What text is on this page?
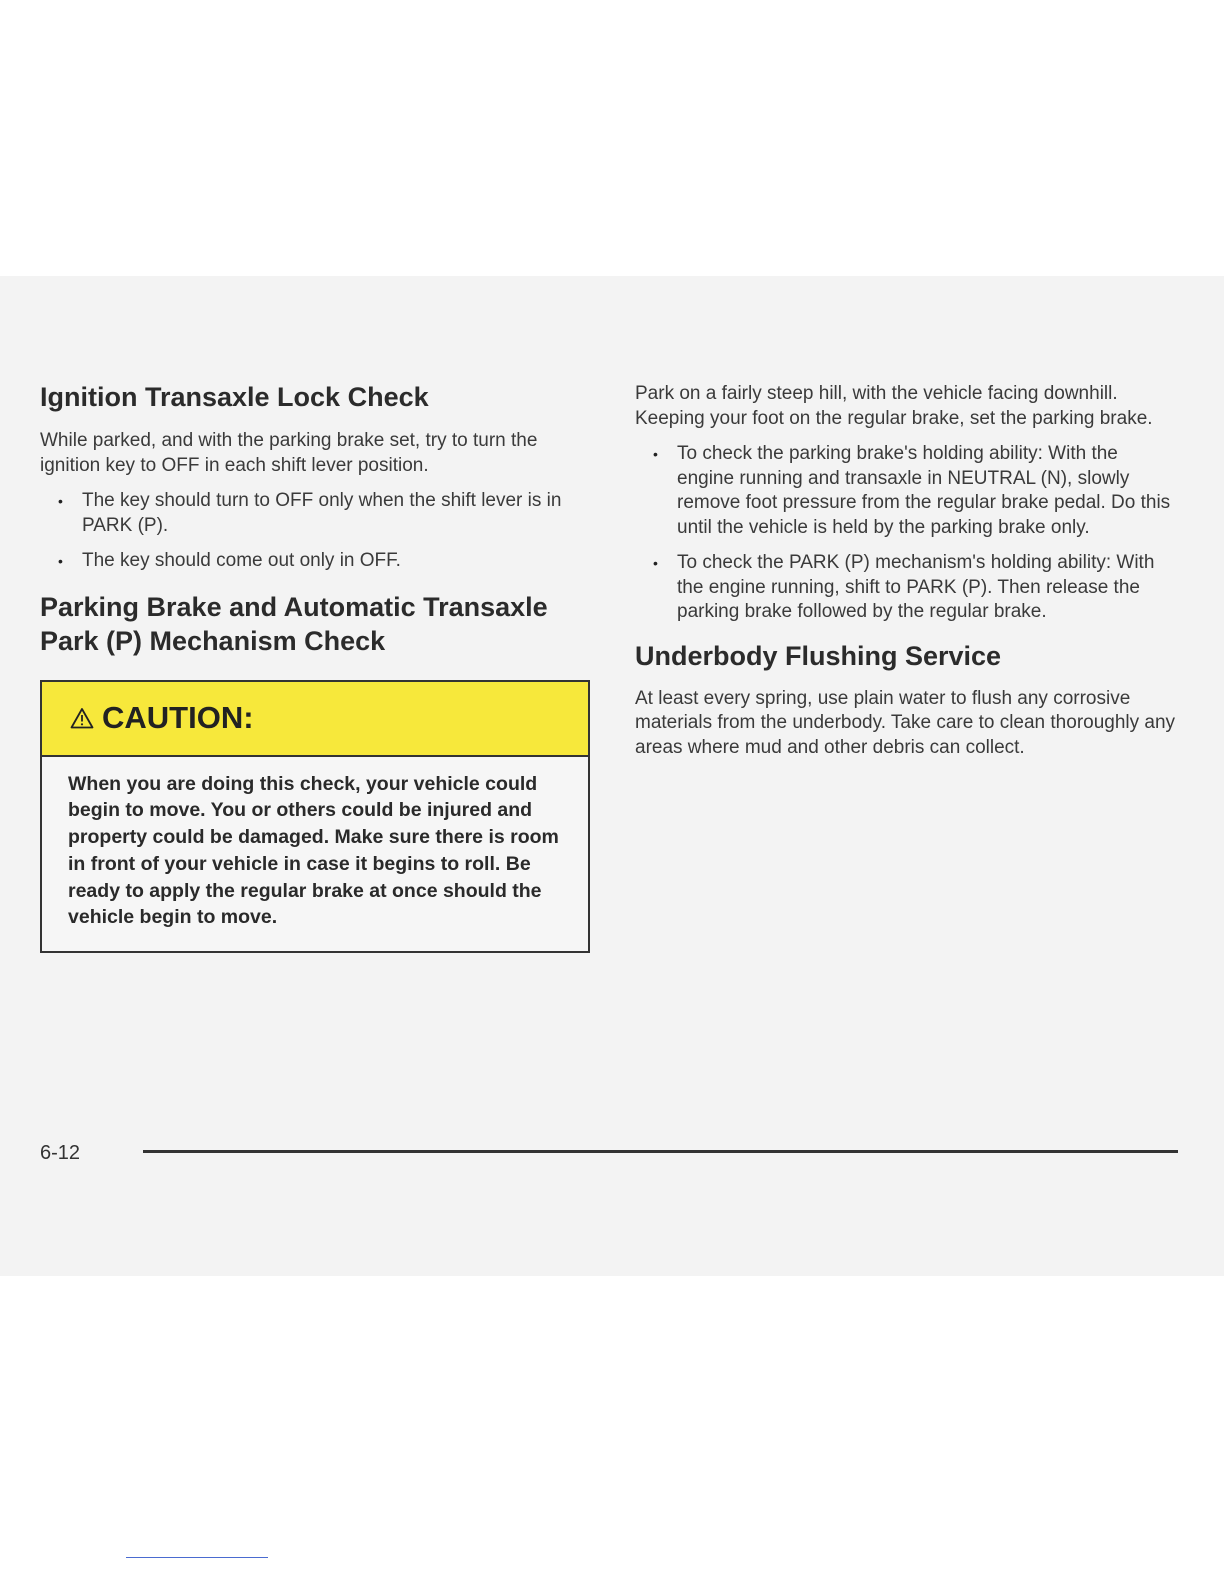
Ignition Transaxle Lock Check

While parked, and with the parking brake set, try to turn the ignition key to OFF in each shift lever position.

• The key should turn to OFF only when the shift lever is in PARK (P).
• The key should come out only in OFF.
Parking Brake and Automatic Transaxle Park (P) Mechanism Check
CAUTION:
When you are doing this check, your vehicle could begin to move. You or others could be injured and property could be damaged. Make sure there is room in front of your vehicle in case it begins to roll. Be ready to apply the regular brake at once should the vehicle begin to move.

Park on a fairly steep hill, with the vehicle facing downhill. Keeping your foot on the regular brake, set the parking brake.

• To check the parking brake's holding ability: With the engine running and transaxle in NEUTRAL (N), slowly remove foot pressure from the regular brake pedal. Do this until the vehicle is held by the parking brake only.
• To check the PARK (P) mechanism's holding ability: With the engine running, shift to PARK (P). Then release the parking brake followed by the regular brake.
Underbody Flushing Service

At least every spring, use plain water to flush any corrosive materials from the underbody. Take care to clean thoroughly any areas where mud and other debris can collect.

6-12
